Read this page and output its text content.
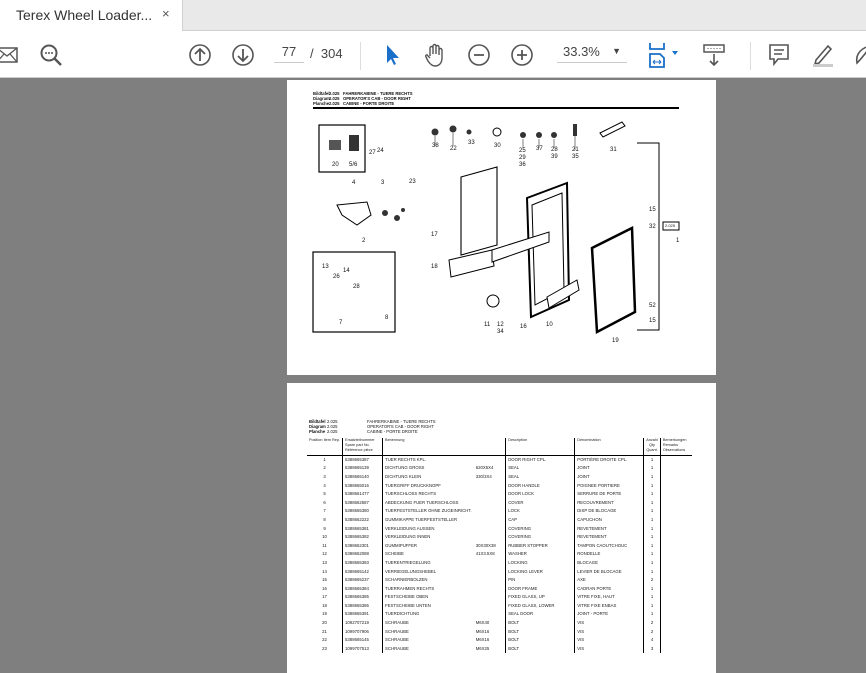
Terex Wheel Loader... ×
77	/ 304	33.3% ▼
Bildtafel 2.025 FAHRERKABINE - TUERE RECHTS
Diagram 2.025 OPERATOR'S CAB - DOOR RIGHT
Planche 2.025 CABINE - PORTE DROITE
38 22
33	30
25
29
36
37 28
39
21
35
31
20 5/6
27 24
4	3	23
2
17
18
13
26
14
28
7
8
11 12
34
16	10
19
15
32
52
15
1
2.025
Bildtafel 2.025	FAHRERKABINE - TUERE RECHTS
Diagram 2.025	OPERATOR'S CAB - DOOR RIGHT
Planche 2.025	CABINE - PORTE DROITE
Position Item Rep.	Ersatzteilnummer Spare part No. Référence pièce	Benennung		Description	Dénomination	Anzahl Qty Quant.	Bemerkungen Remarks Observations
1	5388665387	TUER RECHTS KPL.		DOOR RIGHT CPL.	PORTIÈRE DROITE CPL.	1	
2	5388665139	DICHTUNG GROSS	620X5X4	SEAL	JOINT	1	
3	5388665140	DICHTUNG KLEIN	330/3X4	SEAL	JOINT	1	
4	5388665016	TUERGRIFF DRUCKKNOPF		DOOR HANDLE	POIGNEE PORTIERE	1	
5	5388661477	TUERSCHLOSS RECHTS		DOOR LOCK	SERRURE DE PORTE	1	
6	5388662587	ABDECKUNG FUER TUERSCHLOSS		COVER	RECOUVREMENT	1	
7	5388665380	TUERFESTSTELLER OHNE ZUGEINRICHT.		LOCK	DISP DE BLOCAGE	1	
8	5388662222	GUMMIKAPPE TUERFESTSTELLER		CAP	CAPUCHON	1	
9	5388665381	VERKLEIDUNG AUSSEN		COVERING	REVETEMENT	1	
10	5388665382	VERKLEIDUNG INNEN		COVERING	REVETEMENT	1	
11	5388662301	GUMMIPUFFER	30X30X38	RUBBER STOPPER	TAMPON CAOUTCHOUC	1	
12	5388662088	SCHEIBE	41X3.5X8	WASHER	RONDELLE	1	
13	5388665383	TUERENTRIEGELUNG		LOCKING	BLOCAGE	1	
14	5388665142	VERRIEGELUNGSHEBEL		LOCKING LEVER	LEVIER DE BLOCAGE	1	
15	5388665237	SCHARNIERBOLZEN		PIN	AXE	2	
16	5388665384	TUERRAHMEN RECHTS		DOOR FRAME	CADRAN PORTE	1	
17	5388665385	FESTSCHEIBE OBEN		FIXED GLASS, UP	VITRE FIXE, HAUT	1	
18	5388665386	FESTSCHEIBE UNTEN		FIXED GLASS, LOWER	VITRE FIXE ENBAS	1	
19	5388665391	TUERDICHTUNG		SEAL DOOR	JOINT - PORTE	1	
20	1092707219	SCHRAUBE	M6X40	BOLT	VIS	2	
21	1099707906	SCHRAUBE	M6X16	BOLT	VIS	2	
22	5388665145	SCHRAUBE	M6X16	BOLT	VIS	4	
23	1099707513	SCHRAUBE	M6X25	BOLT	VIS	3	
